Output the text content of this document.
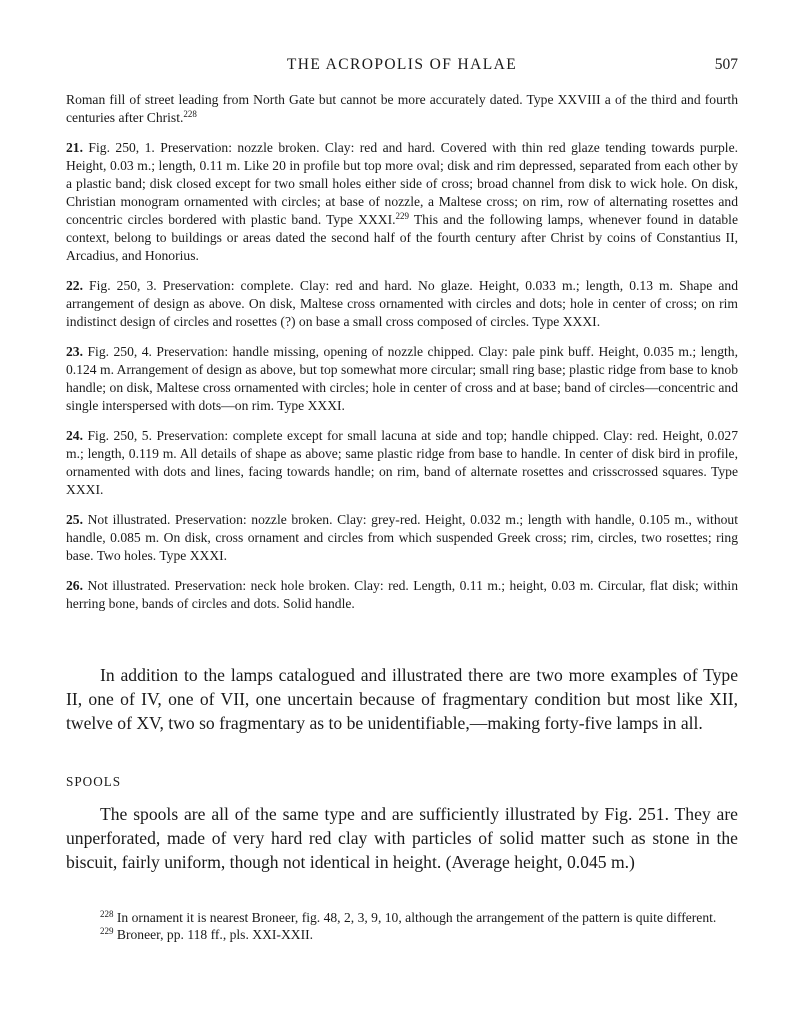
THE ACROPOLIS OF HALAE	507

Roman fill of street leading from North Gate but cannot be more accurately dated. Type XXVIII a of the third and fourth centuries after Christ.$^{228}$

21. Fig. 250, 1. Preservation: nozzle broken. Clay: red and hard. Covered with thin red glaze tending towards purple. Height, 0.03 m.; length, 0.11 m. Like 20 in profile but top more oval; disk and rim depressed, separated from each other by a plastic band; disk closed except for two small holes either side of cross; broad channel from disk to wick hole. On disk, Christian monogram ornamented with circles; at base of nozzle, a Maltese cross; on rim, row of alternating rosettes and concentric circles bordered with plastic band. Type XXXI.$^{229}$ This and the following lamps, whenever found in datable context, belong to buildings or areas dated the second half of the fourth century after Christ by coins of Constantius II, Arcadius, and Honorius.

22. Fig. 250, 3. Preservation: complete. Clay: red and hard. No glaze. Height, 0.033 m.; length, 0.13 m. Shape and arrangement of design as above. On disk, Maltese cross ornamented with circles and dots; hole in center of cross; on rim indistinct design of circles and rosettes (?) on base a small cross composed of circles. Type XXXI.

23. Fig. 250, 4. Preservation: handle missing, opening of nozzle chipped. Clay: pale pink buff. Height, 0.035 m.; length, 0.124 m. Arrangement of design as above, but top somewhat more circular; small ring base; plastic ridge from base to knob handle; on disk, Maltese cross ornamented with circles; hole in center of cross and at base; band of circles—concentric and single interspersed with dots—on rim. Type XXXI.

24. Fig. 250, 5. Preservation: complete except for small lacuna at side and top; handle chipped. Clay: red. Height, 0.027 m.; length, 0.119 m. All details of shape as above; same plastic ridge from base to handle. In center of disk bird in profile, ornamented with dots and lines, facing towards handle; on rim, band of alternate rosettes and crisscrossed squares. Type XXXI.

25. Not illustrated. Preservation: nozzle broken. Clay: grey-red. Height, 0.032 m.; length with handle, 0.105 m., without handle, 0.085 m. On disk, cross ornament and circles from which suspended Greek cross; rim, circles, two rosettes; ring base. Two holes. Type XXXI.

26. Not illustrated. Preservation: neck hole broken. Clay: red. Length, 0.11 m.; height, 0.03 m. Circular, flat disk; within herring bone, bands of circles and dots. Solid handle.

In addition to the lamps catalogued and illustrated there are two more examples of Type II, one of IV, one of VII, one uncertain because of fragmentary condition but most like XII, twelve of XV, two so fragmentary as to be unidentifiable,—making forty-five lamps in all.

SPOOLS

The spools are all of the same type and are sufficiently illustrated by Fig. 251. They are unperforated, made of very hard red clay with particles of solid matter such as stone in the biscuit, fairly uniform, though not identical in height. (Average height, 0.045 m.)

$^{228}$ In ornament it is nearest Broneer, fig. 48, 2, 3, 9, 10, although the arrangement of the pattern is quite different.

$^{229}$ Broneer, pp. 118 ff., pls. XXI-XXII.
